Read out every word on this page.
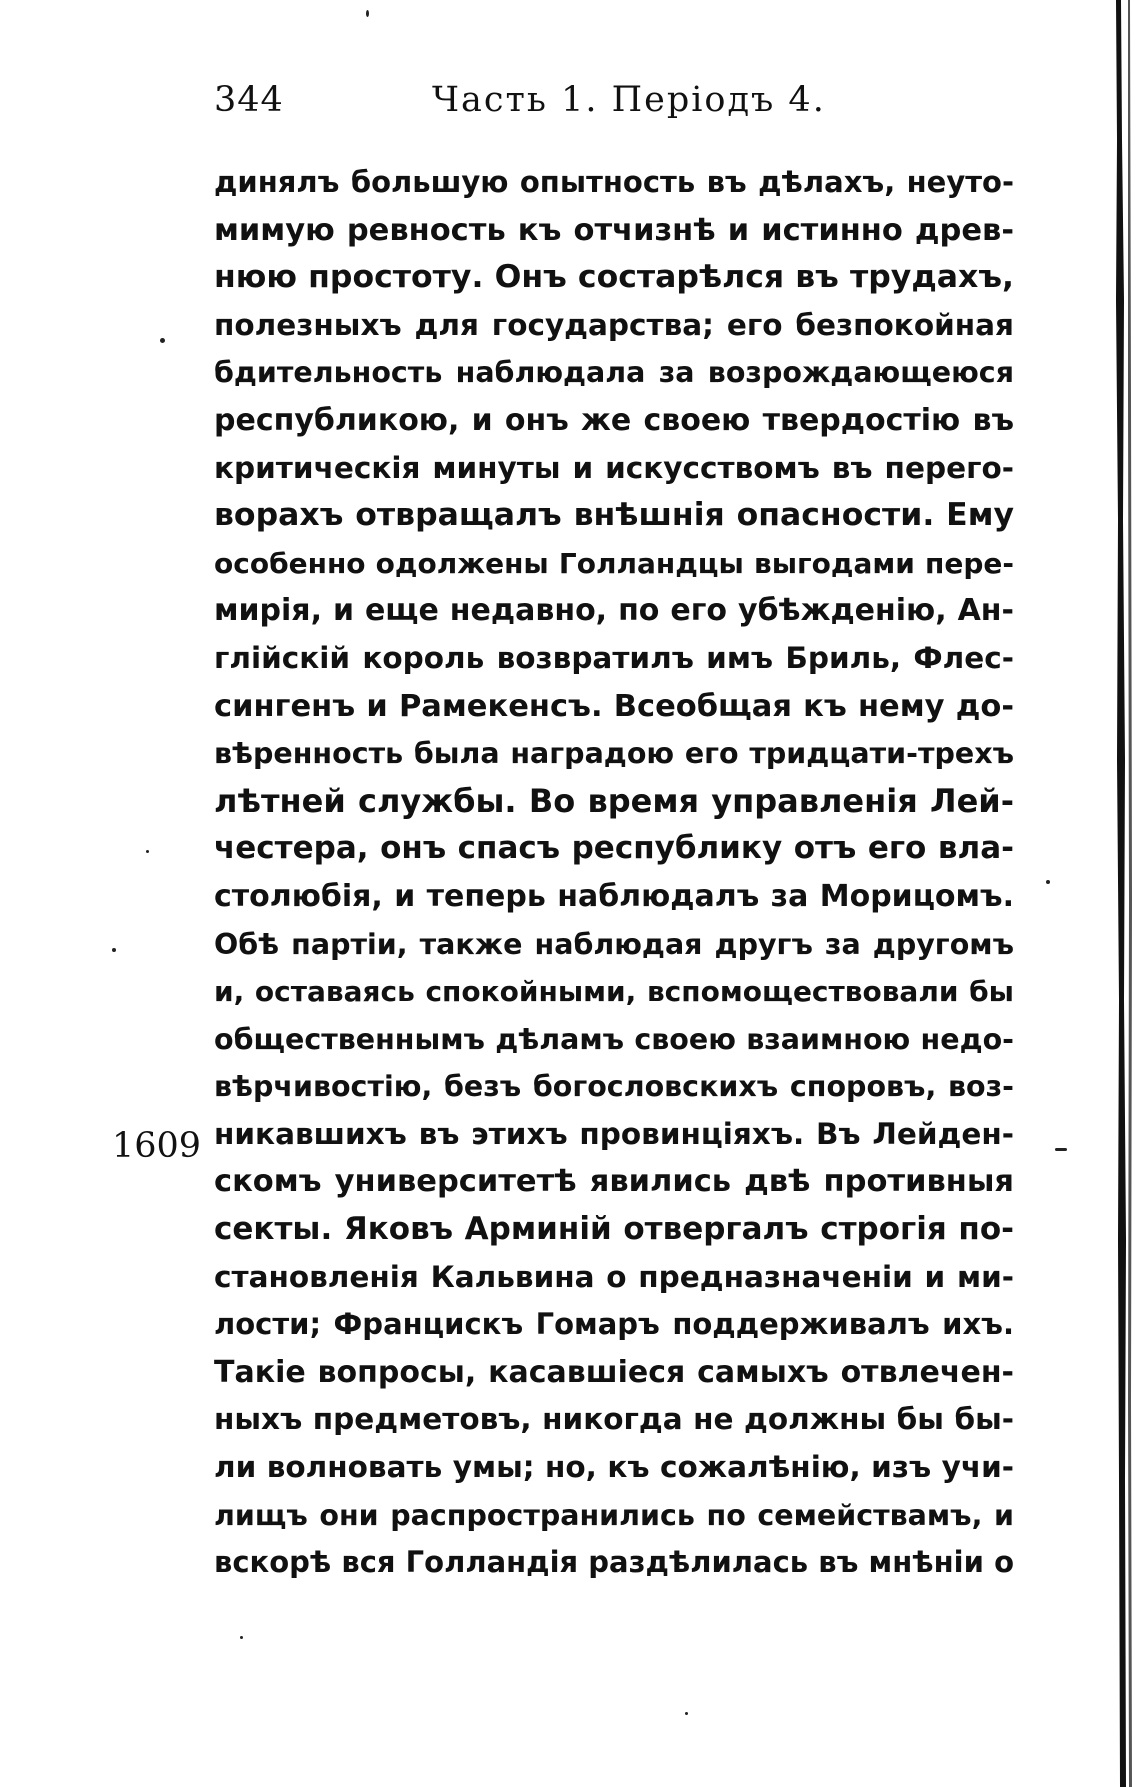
344	Часть 1. Періодъ 4.
1609
динялъ большую опытность въ дѣлахъ, неуто-
мимую ревность къ отчизнѣ и истинно древ-
нюю простоту. Онъ состарѣлся въ трудахъ,
полезныхъ для государства; его безпокойная
бдительность наблюдала за возрождающеюся
республикою, и онъ же своею твердостію въ
критическія минуты и искусствомъ въ перего-
ворахъ отвращалъ внѣшнія опасности. Ему
особенно одолжены Голландцы выгодами пере-
мирія, и еще недавно, по его убѣжденію, Ан-
глійскій король возвратилъ имъ Бриль, Флес-
сингенъ и Рамекенсъ. Всеобщая къ нему до-
вѣренность была наградою его тридцати-трехъ
лѣтней службы. Во время управленія Лей-
честера, онъ спасъ республику отъ его вла-
столюбія, и теперь наблюдалъ за Морицомъ.
Обѣ партіи, также наблюдая другъ за другомъ
и, оставаясь спокойными, вспомоществовали бы
общественнымъ дѣламъ своею взаимною недо-
вѣрчивостію, безъ богословскихъ споровъ, воз-
никавшихъ въ этихъ провинціяхъ. Въ Лейден-
скомъ университетѣ явились двѣ противныя
секты. Яковъ Арминій отвергалъ строгія по-
становленія Кальвина о предназначеніи и ми-
лости; Францискъ Гомаръ поддерживалъ ихъ.
Такіе вопросы, касавшіеся самыхъ отвлечен-
ныхъ предметовъ, никогда не должны бы бы-
ли волновать умы; но, къ сожалѣнію, изъ учи-
лищъ они распространились по семействамъ, и
вскорѣ вся Голландія раздѣлилась въ мнѣніи о
